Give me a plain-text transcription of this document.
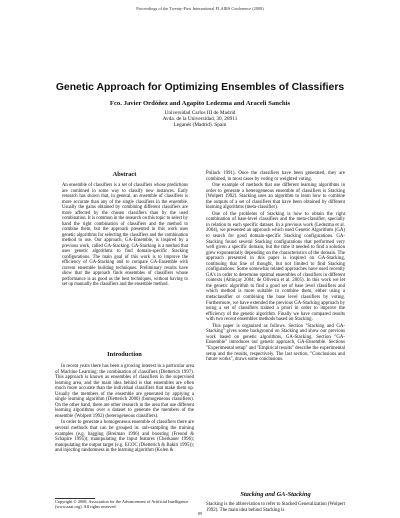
Proceedings of the Twenty-First International FLAIRS Conference (2008)
Genetic Approach for Optimizing Ensembles of Classifiers
Fco. Javier Ordóñez and Agapito Ledezma and Araceli Sanchis
Universidad Carlos III de Madrid
Avda. de la Universidad, 30, 28911
Leganés (Madrid). Spain
Abstract
An ensemble of classifiers is a set of classifiers whose predictions are combined in some way to classify new instances. Early research has shown that, in general, an ensemble of classifiers is more accurate than any of the single classifiers in the ensemble. Usually the gains obtained by combining different classifiers are more affected by the chosen classifiers than by the used combination. It is common in the research on this topic to select by hand the right combination of classifiers and the method to combine them, but the approach presented in this work uses genetic algorithms for selecting the classifiers and the combination method to use. Our approach, GA-Ensemble, is inspired by a previous work, called GA-Stacking. GA-Stacking is a method that uses genetic algorithms to find domain-specific Stacking configurations. The main goal of this work is to improve the efficiency of GA-Stacking and to compare GA-Ensemble with current ensemble building techniques. Preliminary results have show that the approach finds ensembles of classifiers whose performance is as good as the best techniques, without having to set up manually the classifiers and the ensemble method.
Introduction

In recent years there has been a growing interest in a particular area of Machine Learning: the combination of classifiers (Dietterich 1997). This approach is known as ensembles of classifiers in the supervised learning area, and the main idea behind is that ensembles are often much more accurate than the individual classifiers that make them up. Usually the members of the ensemble are generated by applying a single learning algorithm (Dietterich 2000) (homogeneous classifiers). On the other hand, there are other research in the area that use different learning algorithms over a dataset to generate the members of the ensemble (Wolpert 1992) (heterogeneous classifiers).

In order to generate a homogeneous ensemble of classifiers there are several methods that can be grouped in: sub-sampling the training examples (e.g. bagging (Breiman 1996) and boosting (Freund & Schapire 1995)); manipulating the input features (Cherkauer 1996); manipulating the output target (e.g. ECOC (Dietterich & Bakiri 1995)); and injecting randomness in the learning algorithm (Kolen &

Copyright © 2008, Association for the Advancement of Artificial Intelligence (www.aaai.org). All rights reserved.

Pollack 1991). Once the classifiers have been generated, they are combined, in most cases by voting or weighted voting.

One example of methods that use different learning algorithms in order to generate a heterogeneous ensemble of classifiers is Stacking (Wolpert 1992). Stacking uses an algorithm to learn how to combine the outputs of a set of classifiers that have been obtained by different learning algorithms (meta-classifier).

One of the problems of Stacking is how to obtain the right combination of base-level classifiers and the meta-classifier, specially in relation to each specific dataset. In a previous work (Ledezma et al. 2004), we presented an approach which used Genetic Algorithms (GA) to search for good domain-specific Stacking configurations. GA-Stacking found several Stacking configurations that performed very well given a specific domain, but the time it needed to find a solution grew exponentially depending on the characteristics of the domain. The approach presented in this paper is inspired on GA-Stacking, continuing that line of thought, but not limited to find Stacking configurations. Some somewhat related approaches have used recently GA's in order to determine optimal ensembles of classifiers in different contexts (Altinçay 2004; de Oliveira et al. 2005). In this work we let the genetic algorithm to find a good set of base level classifiers and which method is more suitable to combine them, either using a metaclassifier or combining the base level classifiers by voting. Furthermore, we have extended the previous GA-Stacking approach by using a set of classifiers trained a priori in order to improve the efficiency of the genetic algorithm. Finally we have compared results with two recent ensembles methods based on Stacking.

This paper is organized as follows. Section "Stacking and GA-Stacking" gives some background on Stacking and show our previous work based on genetic algorithms, GA-Stacking. Section "GA-Ensemble" introduces our genetic approach, GA-Ensemble. Sections "Experimental setup" and "Empirical results" describe the experimental setup and the results, respectively. The last section, "Conclusions and future works", draws some conclusions.

Stacking and GA-Stacking
Stacking is the abbreviation to refer to Stacked Generalization (Wolpert 1992). The main idea behind Stacking is
89
